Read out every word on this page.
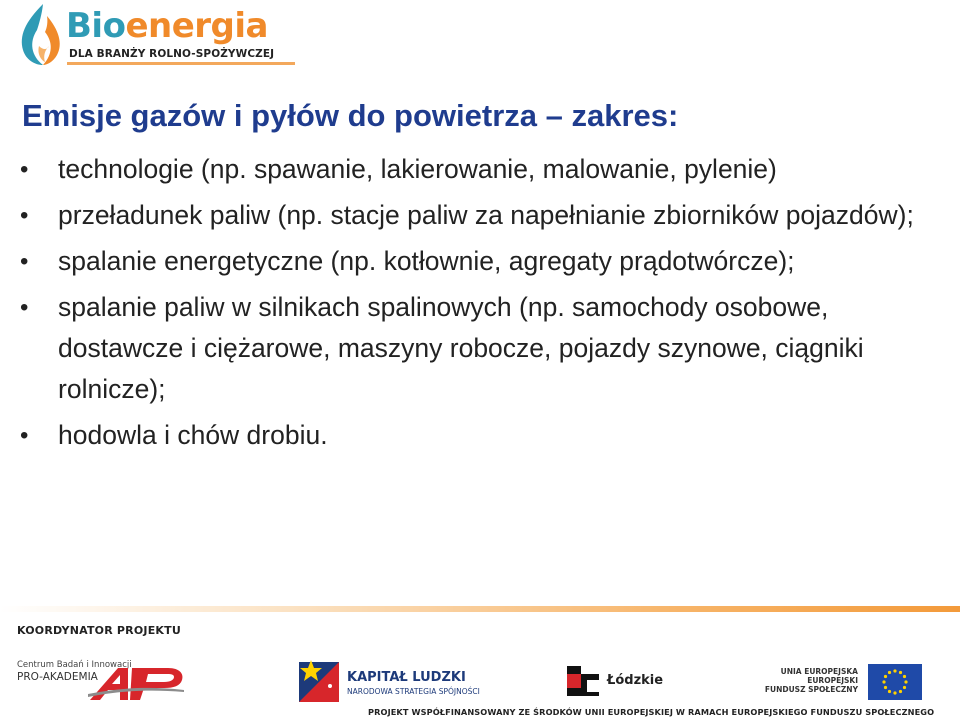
Bioenergia
DLA BRANŻY ROLNO-SPOŻYWCZEJ
Emisje gazów i pyłów do powietrza – zakres:
• technologie (np. spawanie, lakierowanie, malowanie, pylenie)
• przeładunek paliw (np. stacje paliw za napełnianie zbiorników pojazdów);
• spalanie energetyczne (np. kotłownie, agregaty prądotwórcze);
• spalanie paliw w silnikach spalinowych (np. samochody osobowe, dostawcze i ciężarowe, maszyny robocze, pojazdy szynowe, ciągniki rolnicze);
• hodowla i chów drobiu.
KOORDYNATOR PROJEKTU
Centrum Badań i Innowacji
PRO-AKADEMIA	KAPITAŁ LUDZKI
NARODOWA STRATEGIA SPÓJNOŚCI
Łódzkie
UNIA EUROPEJSKA
EUROPEJSKI
FUNDUSZ SPOŁECZNY
PROJEKT WSPÓŁFINANSOWANY ZE ŚRODKÓW UNII EUROPEJSKIEJ W RAMACH EUROPEJSKIEGO FUNDUSZU SPOŁECZNEGO
